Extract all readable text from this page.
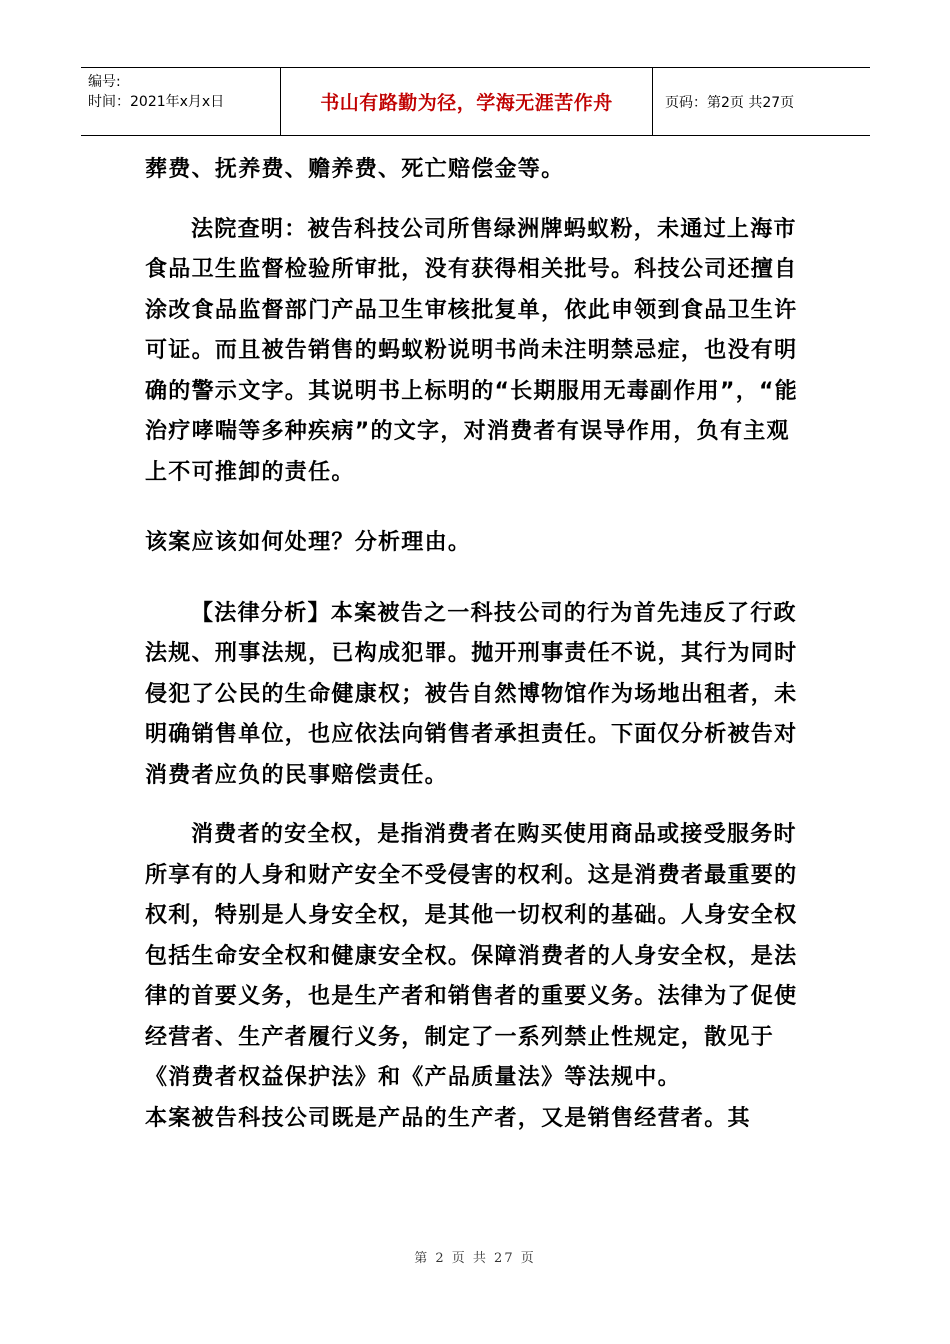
编号:
时间：2021年x月x日	书山有路勤为径，学海无涯苦作舟	页码：第2页 共27页

葬费、抚养费、赡养费、死亡赔偿金等。

法院查明：被告科技公司所售绿洲牌蚂蚁粉，未通过上海市食品卫生监督检验所审批，没有获得相关批号。科技公司还擅自涂改食品监督部门产品卫生审核批复单，依此申领到食品卫生许可证。而且被告销售的蚂蚁粉说明书尚未注明禁忌症，也没有明确的警示文字。其说明书上标明的“长期服用无毒副作用”，“能治疗哮喘等多种疾病”的文字，对消费者有误导作用，负有主观上不可推卸的责任。

该案应该如何处理？分析理由。

【法律分析】本案被告之一科技公司的行为首先违反了行政法规、刑事法规，已构成犯罪。抛开刑事责任不说，其行为同时侵犯了公民的生命健康权；被告自然博物馆作为场地出租者，未明确销售单位，也应依法向销售者承担责任。下面仅分析被告对消费者应负的民事赔偿责任。

消费者的安全权，是指消费者在购买使用商品或接受服务时所享有的人身和财产安全不受侵害的权利。这是消费者最重要的权利，特别是人身安全权，是其他一切权利的基础。人身安全权包括生命安全权和健康安全权。保障消费者的人身安全权，是法律的首要义务，也是生产者和销售者的重要义务。法律为了促使经营者、生产者履行义务，制定了一系列禁止性规定，散见于《消费者权益保护法》和《产品质量法》等法规中。

本案被告科技公司既是产品的生产者，又是销售经营者。其

第 2 页 共 27 页
